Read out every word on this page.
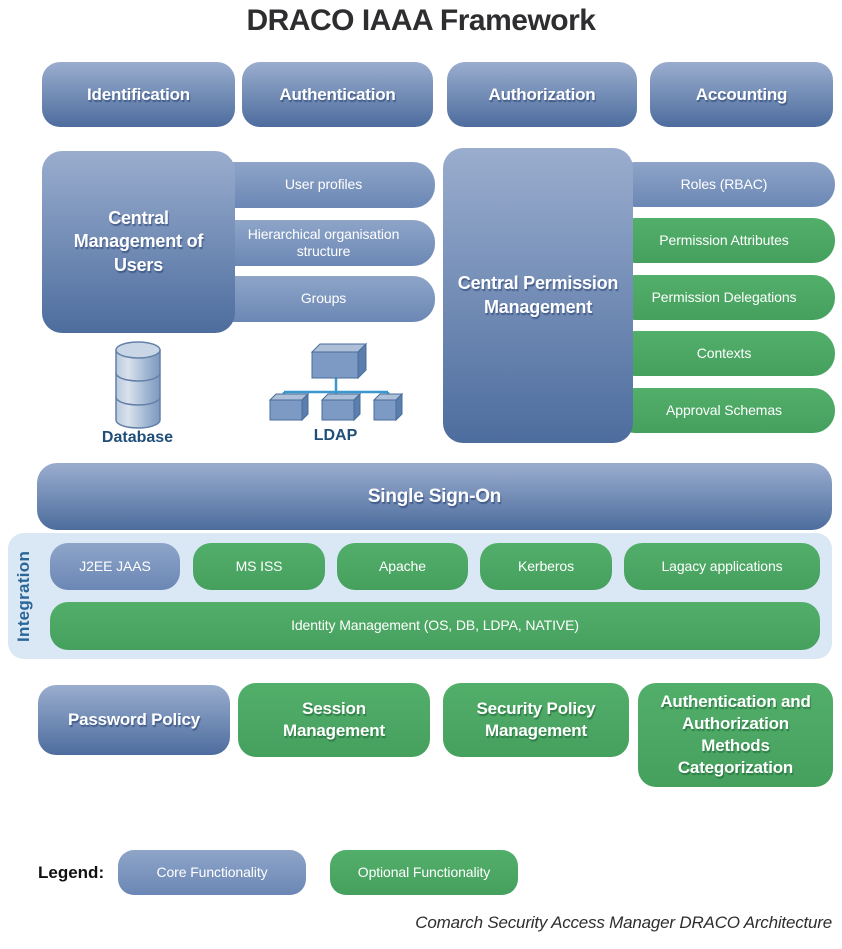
DRACO IAAA Framework
Identification	Authentication	Authorization	Accounting
User profiles
Hierarchical organisation structure
Groups
Central Management of Users
Roles (RBAC)
Permission Attributes
Permission Delegations
Contexts
Approval Schemas
Central Permission Management
Database	LDAP
Single Sign-On
Integration	J2EE JAAS	MS ISS	Apache	Kerberos	Lagacy applications
Identity Management (OS, DB, LDPA, NATIVE)
Password Policy
Session Management
Security Policy Management
Authentication and Authorization Methods Categorization
Legend:	Core Functionality	Optional Functionality
Comarch Security Access Manager DRACO Architecture
